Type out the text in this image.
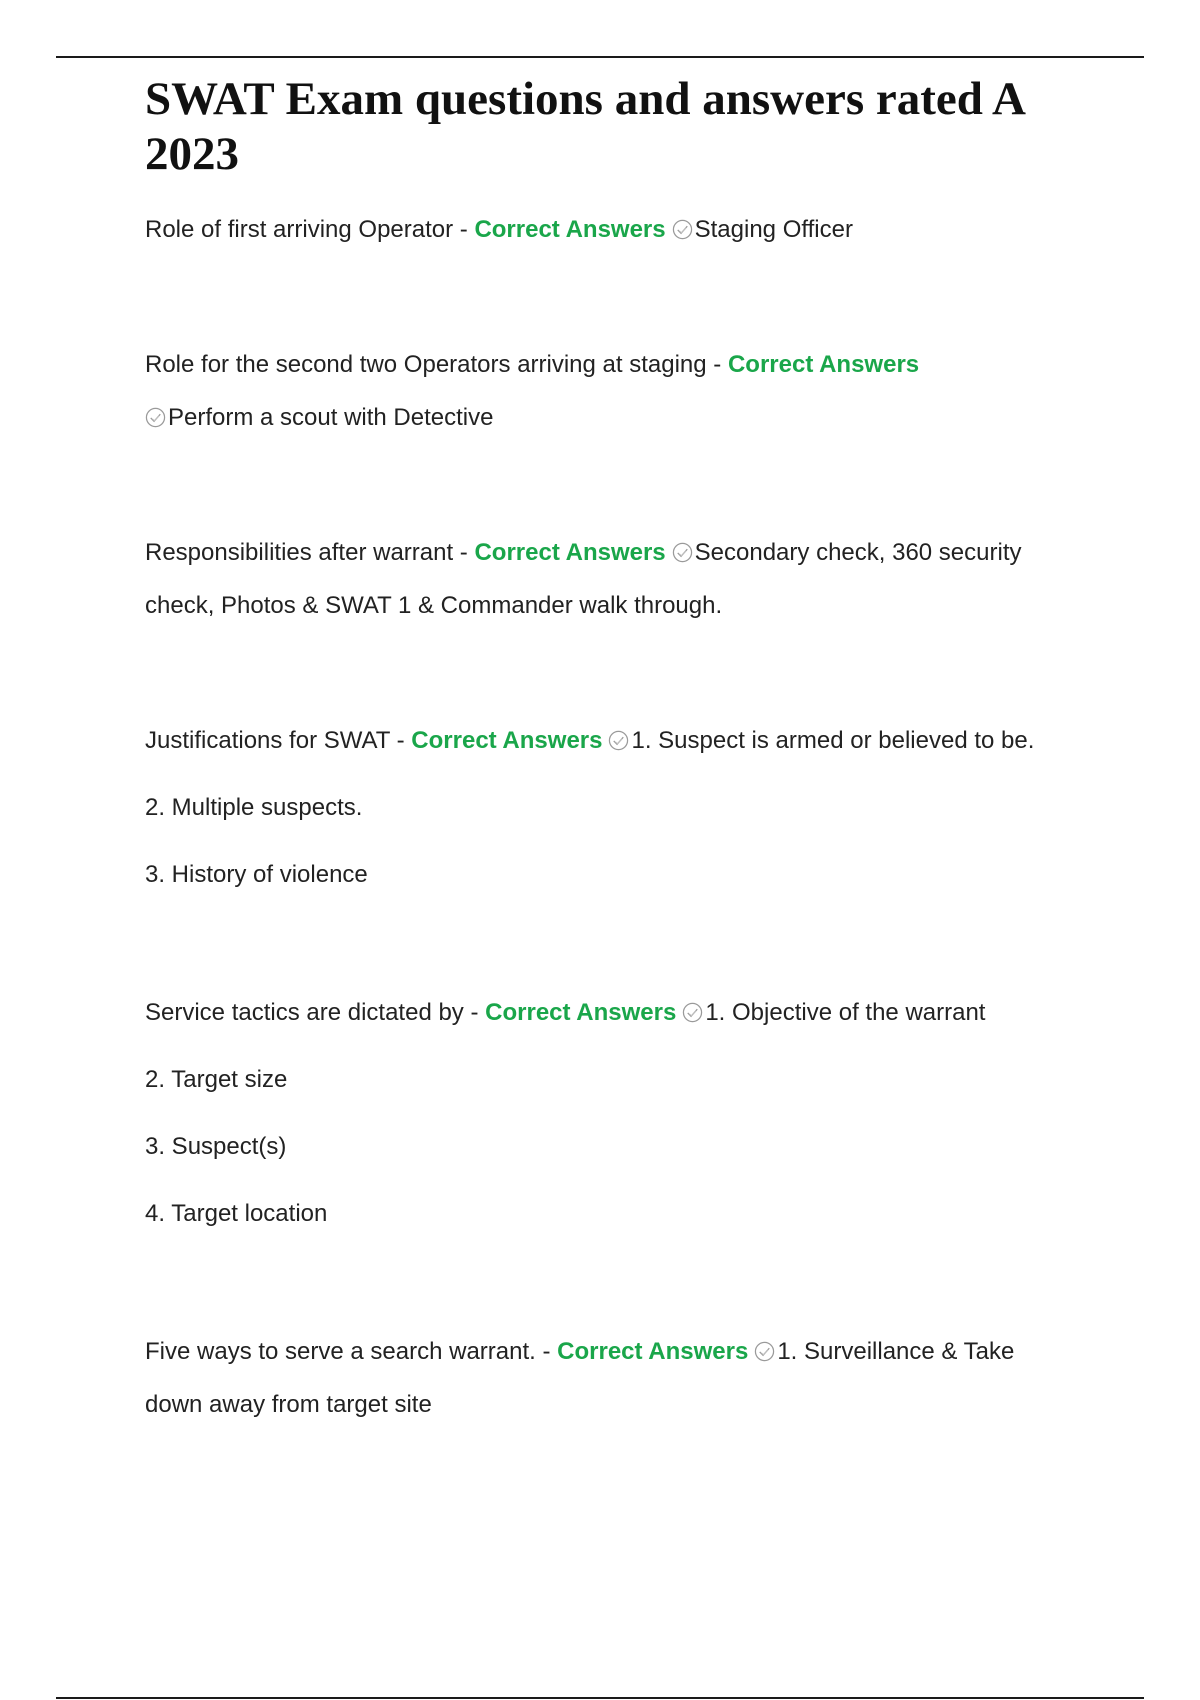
SWAT Exam questions and answers rated A 2023
Role of first arriving Operator - Correct Answers Staging Officer
Role for the second two Operators arriving at staging - Correct Answers
Perform a scout with Detective
Responsibilities after warrant - Correct Answers Secondary check, 360 security
check, Photos & SWAT 1 & Commander walk through.
Justifications for SWAT - Correct Answers 1. Suspect is armed or believed to be.
2. Multiple suspects.
3. History of violence
Service tactics are dictated by - Correct Answers 1. Objective of the warrant
2. Target size
3. Suspect(s)
4. Target location
Five ways to serve a search warrant. - Correct Answers 1. Surveillance & Take
down away from target site
